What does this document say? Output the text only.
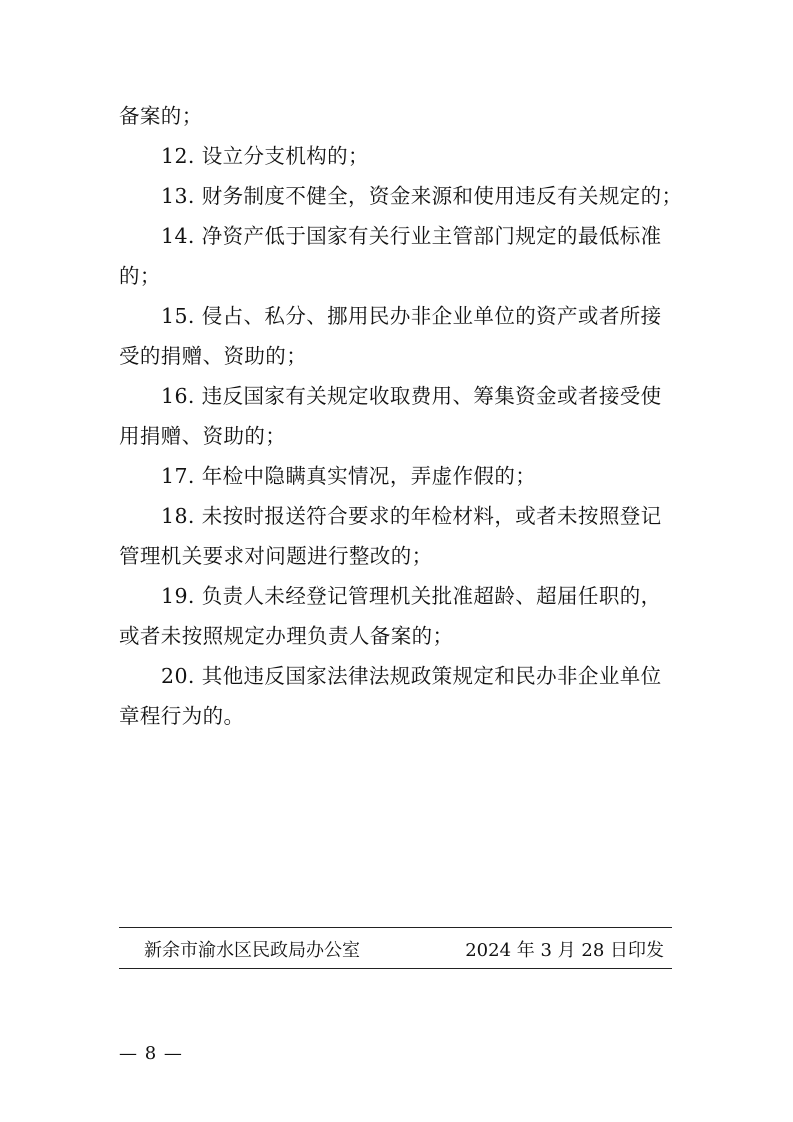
备案的；
12. 设立分支机构的；
13. 财务制度不健全，资金来源和使用违反有关规定的；
14. 净资产低于国家有关行业主管部门规定的最低标准
的；
15. 侵占、私分、挪用民办非企业单位的资产或者所接
受的捐赠、资助的；
16. 违反国家有关规定收取费用、筹集资金或者接受使
用捐赠、资助的；
17. 年检中隐瞒真实情况，弄虚作假的；
18. 未按时报送符合要求的年检材料，或者未按照登记
管理机关要求对问题进行整改的；
19. 负责人未经登记管理机关批准超龄、超届任职的，
或者未按照规定办理负责人备案的；
20. 其他违反国家法律法规政策规定和民办非企业单位
章程行为的。
新余市渝水区民政局办公室	2024 年 3 月 28 日印发
— 8 —
